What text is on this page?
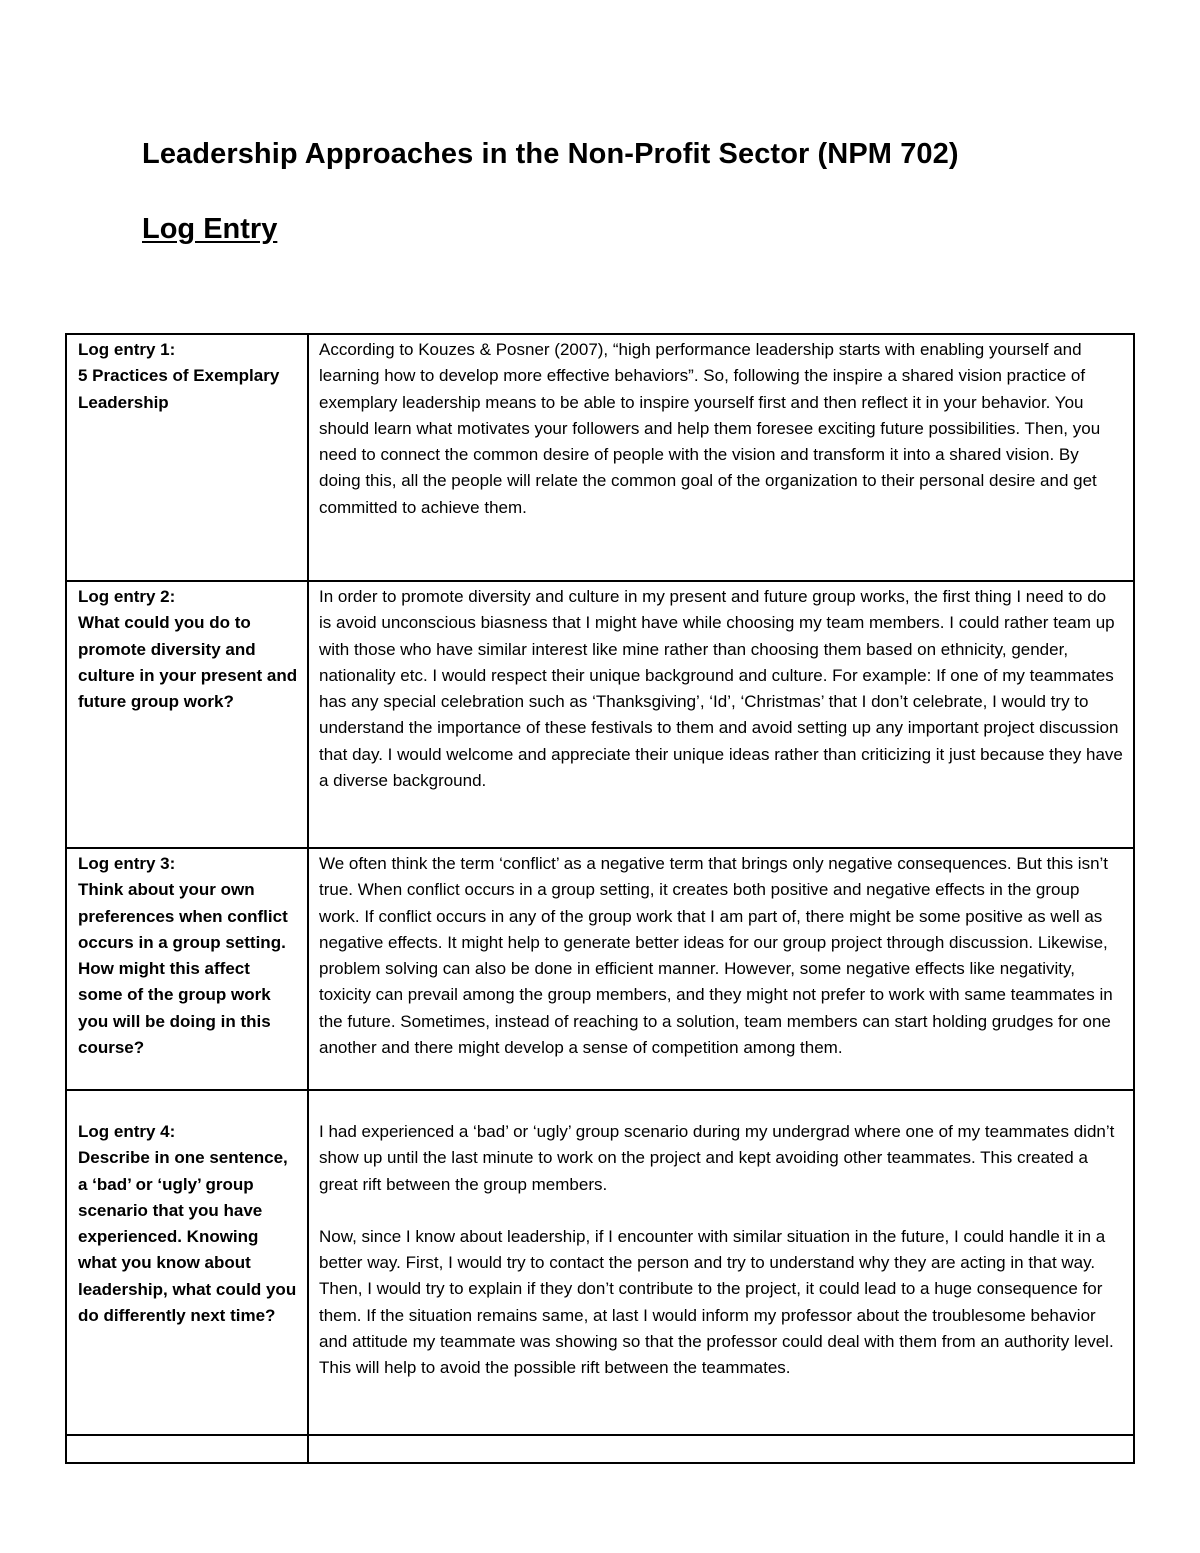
Leadership Approaches in the Non-Profit Sector (NPM 702)
Log Entry
Log entry 1:
5 Practices of Exemplary Leadership	According to Kouzes & Posner (2007), “high performance leadership starts with enabling yourself and learning how to develop more effective behaviors”. So, following the inspire a shared vision practice of exemplary leadership means to be able to inspire yourself first and then reflect it in your behavior. You should learn what motivates your followers and help them foresee exciting future possibilities. Then, you need to connect the common desire of people with the vision and transform it into a shared vision. By doing this, all the people will relate the common goal of the organization to their personal desire and get committed to achieve them.

Log entry 2:
What could you do to promote diversity and culture in your present and future group work?	In order to promote diversity and culture in my present and future group works, the first thing I need to do is avoid unconscious biasness that I might have while choosing my team members. I could rather team up with those who have similar interest like mine rather than choosing them based on ethnicity, gender, nationality etc. I would respect their unique background and culture. For example: If one of my teammates has any special celebration such as ‘Thanksgiving’, ‘Id’, ‘Christmas’ that I don’t celebrate, I would try to understand the importance of these festivals to them and avoid setting up any important project discussion that day. I would welcome and appreciate their unique ideas rather than criticizing it just because they have a diverse background.

Log entry 3:
Think about your own preferences when conflict occurs in a group setting. How might this affect some of the group work you will be doing in this course?	We often think the term ‘conflict’ as a negative term that brings only negative consequences. But this isn’t true. When conflict occurs in a group setting, it creates both positive and negative effects in the group work. If conflict occurs in any of the group work that I am part of, there might be some positive as well as negative effects. It might help to generate better ideas for our group project through discussion. Likewise, problem solving can also be done in efficient manner. However, some negative effects like negativity, toxicity can prevail among the group members, and they might not prefer to work with same teammates in the future. Sometimes, instead of reaching to a solution, team members can start holding grudges for one another and there might develop a sense of competition among them.

Log entry 4:
Describe in one sentence, a ‘bad’ or ‘ugly’ group scenario that you have experienced. Knowing what you know about leadership, what could you do differently next time?	I had experienced a ‘bad’ or ‘ugly’ group scenario during my undergrad where one of my teammates didn’t show up until the last minute to work on the project and kept avoiding other teammates. This created a great rift between the group members.
Now, since I know about leadership, if I encounter with similar situation in the future, I could handle it in a better way. First, I would try to contact the person and try to understand why they are acting in that way. Then, I would try to explain if they don’t contribute to the project, it could lead to a huge consequence for them. If the situation remains same, at last I would inform my professor about the troublesome behavior and attitude my teammate was showing so that the professor could deal with them from an authority level. This will help to avoid the possible rift between the teammates.
